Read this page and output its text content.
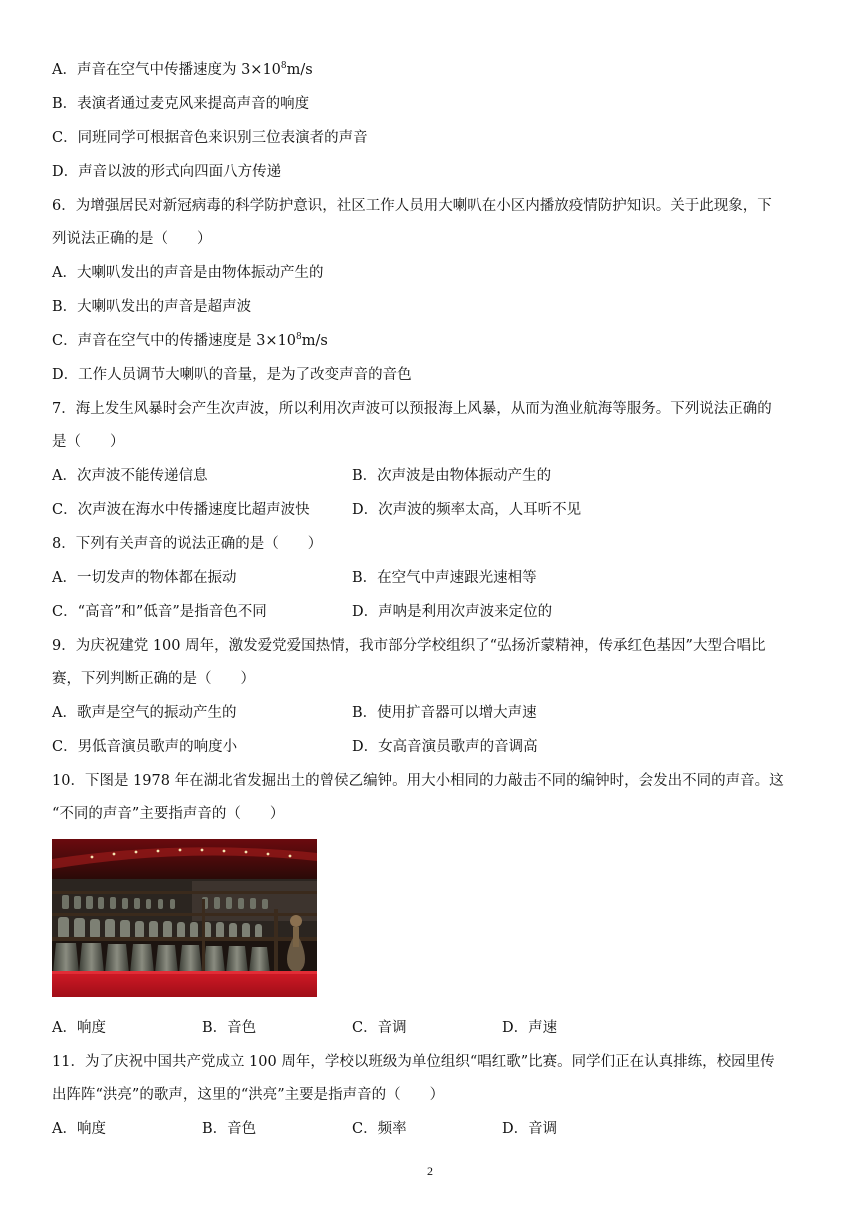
A．声音在空气中传播速度为 $3\times 10^8m/s$
B．表演者通过麦克风来提高声音的响度
C．同班同学可根据音色来识别三位表演者的声音
D．声音以波的形式向四面八方传递
6．为增强居民对新冠病毒的科学防护意识，社区工作人员用大喇叭在小区内播放疫情防护知识。关于此现象，下
列说法正确的是（　　）
A．大喇叭发出的声音是由物体振动产生的
B．大喇叭发出的声音是超声波
C．声音在空气中的传播速度是 $3\times 10^8m/s$
D．工作人员调节大喇叭的音量，是为了改变声音的音色
7．海上发生风暴时会产生次声波，所以利用次声波可以预报海上风暴，从而为渔业航海等服务。下列说法正确的
是（　　）
A．次声波不能传递信息	B．次声波是由物体振动产生的
C．次声波在海水中传播速度比超声波快	D．次声波的频率太高，人耳听不见
8．下列有关声音的说法正确的是（　　）
A．一切发声的物体都在振动	B．在空气中声速跟光速相等
C．“高音”和”低音”是指音色不同	D．声呐是利用次声波来定位的
9．为庆祝建党 100 周年，激发爱党爱国热情，我市部分学校组织了“弘扬沂蒙精神，传承红色基因”大型合唱比
赛，下列判断正确的是（　　）
A．歌声是空气的振动产生的	B．使用扩音器可以增大声速
C．男低音演员歌声的响度小	D．女高音演员歌声的音调高
10．下图是 1978 年在湖北省发掘出土的曾侯乙编钟。用大小相同的力敲击不同的编钟时，会发出不同的声音。这
“不同的声音”主要指声音的（　　）
A．响度	B．音色	C．音调	D．声速
11．为了庆祝中国共产党成立 100 周年，学校以班级为单位组织“唱红歌”比赛。同学们正在认真排练，校园里传
出阵阵“洪亮”的歌声，这里的“洪亮”主要是指声音的（　　）
A．响度	B．音色	C．频率	D．音调
2
